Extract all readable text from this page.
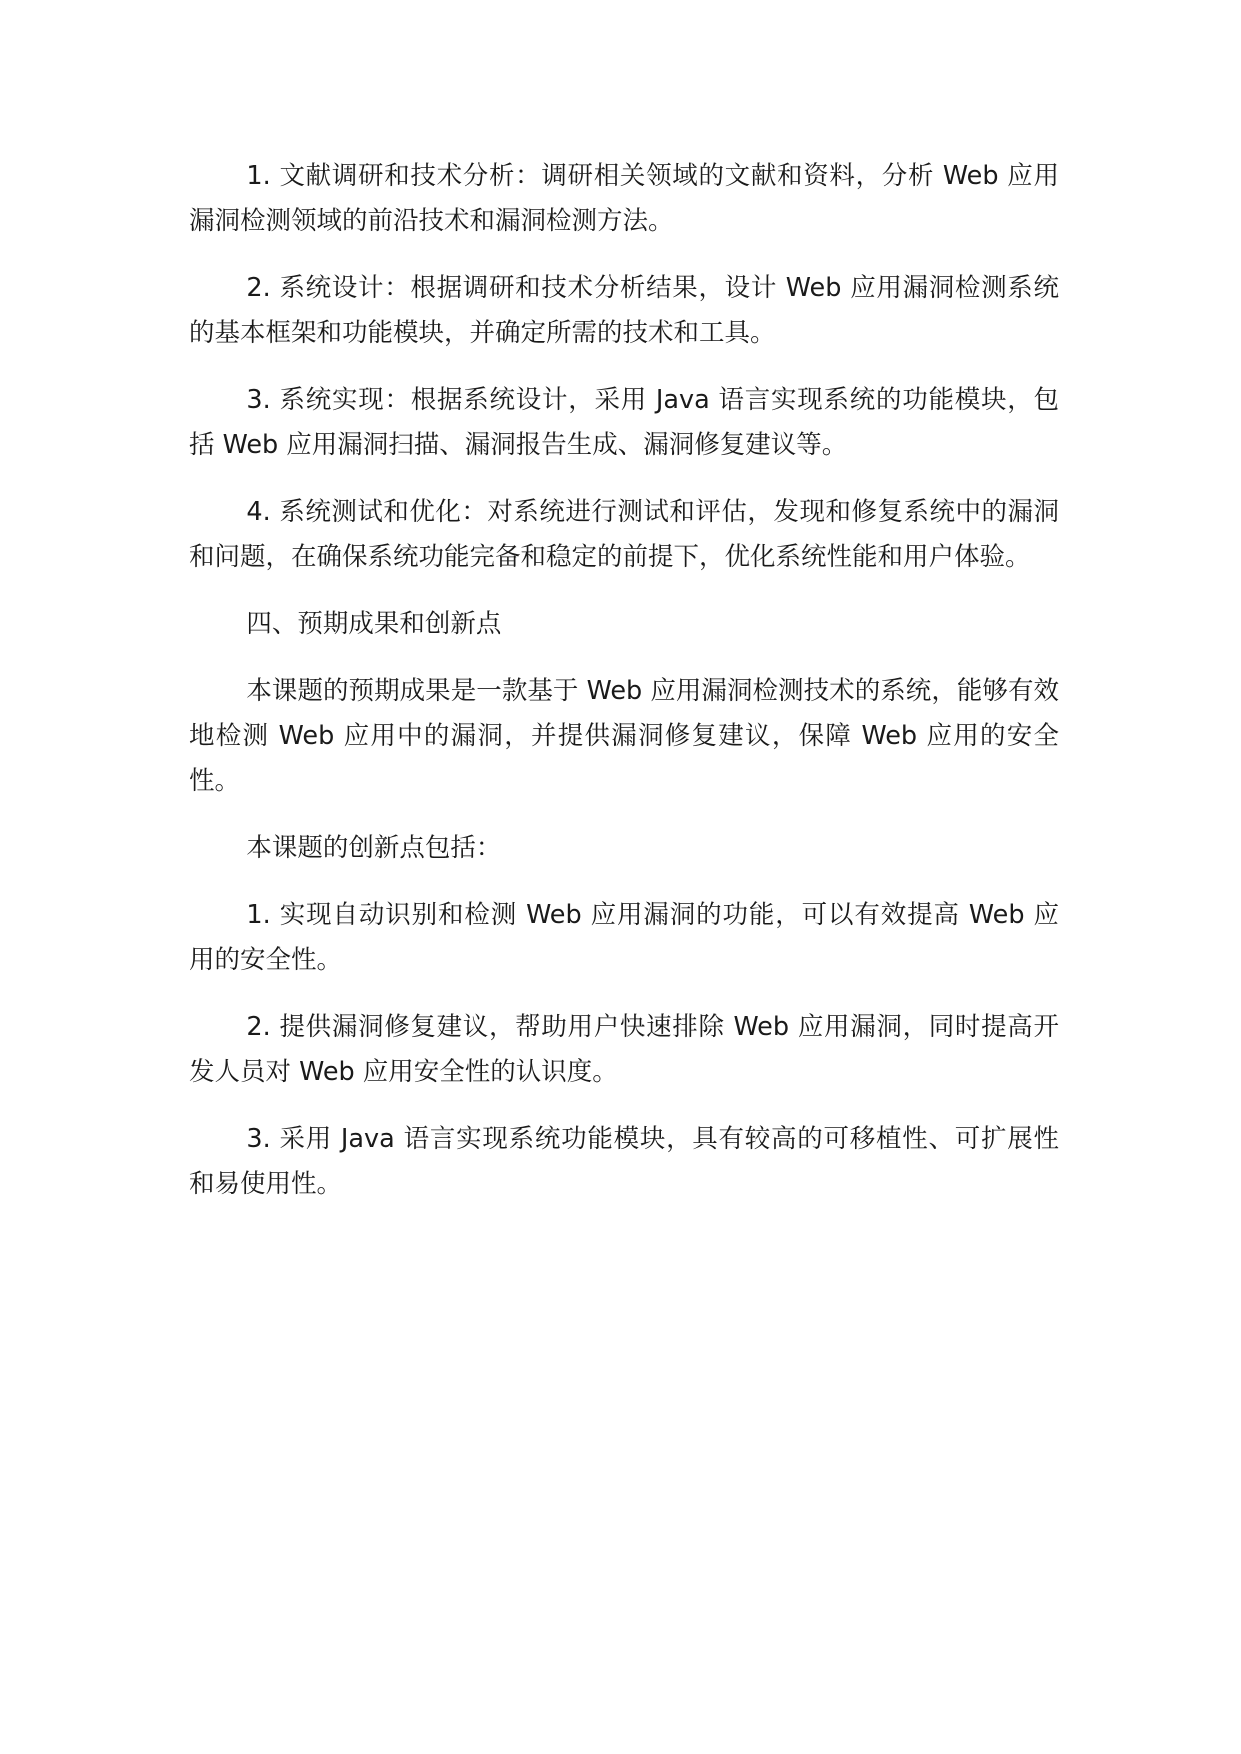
1. 文献调研和技术分析：调研相关领域的文献和资料，分析 Web 应用漏洞检测领域的前沿技术和漏洞检测方法。

2. 系统设计：根据调研和技术分析结果，设计 Web 应用漏洞检测系统的基本框架和功能模块，并确定所需的技术和工具。

3. 系统实现：根据系统设计，采用 Java 语言实现系统的功能模块，包括 Web 应用漏洞扫描、漏洞报告生成、漏洞修复建议等。

4. 系统测试和优化：对系统进行测试和评估，发现和修复系统中的漏洞和问题，在确保系统功能完备和稳定的前提下，优化系统性能和用户体验。

四、预期成果和创新点

本课题的预期成果是一款基于 Web 应用漏洞检测技术的系统，能够有效地检测 Web 应用中的漏洞，并提供漏洞修复建议，保障 Web 应用的安全性。

本课题的创新点包括：

1. 实现自动识别和检测 Web 应用漏洞的功能，可以有效提高 Web 应用的安全性。

2. 提供漏洞修复建议，帮助用户快速排除 Web 应用漏洞，同时提高开发人员对 Web 应用安全性的认识度。

3. 采用 Java 语言实现系统功能模块，具有较高的可移植性、可扩展性和易使用性。
